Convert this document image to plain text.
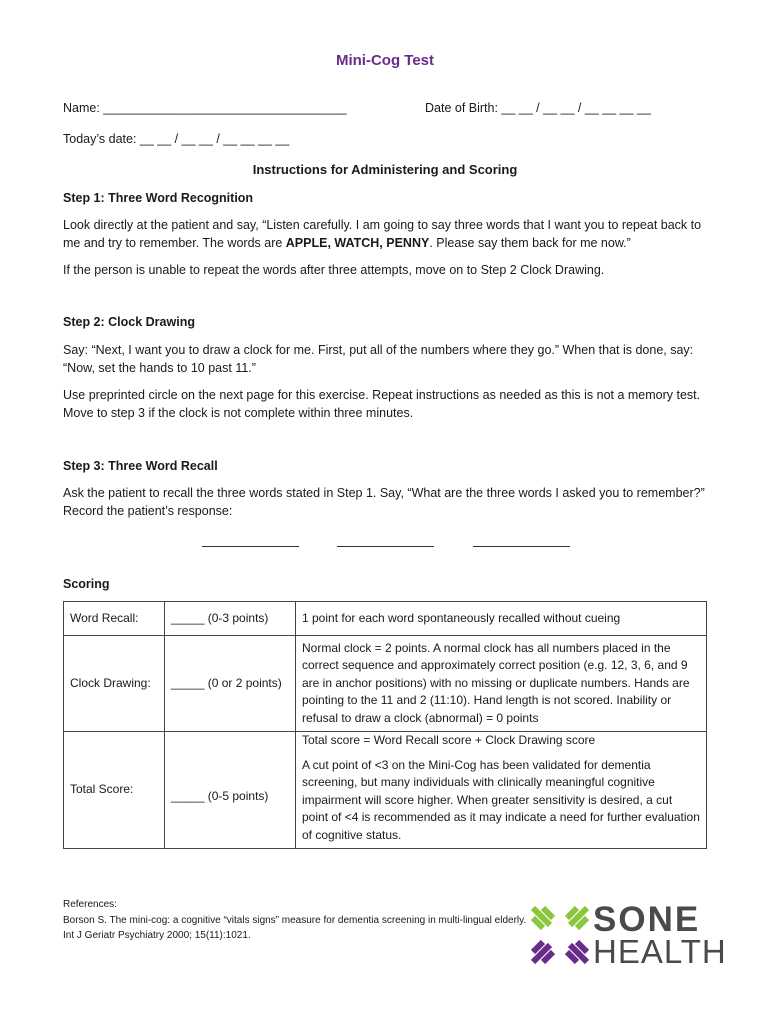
Mini-Cog Test
Name: ___________________________________	Date of Birth: __ __ / __ __ / __ __ __ __
Today’s date: __ __ / __ __ / __ __ __ __
Instructions for Administering and Scoring
Step 1: Three Word Recognition
Look directly at the patient and say, “Listen carefully. I am going to say three words that I want you to repeat back to me and try to remember. The words are APPLE, WATCH, PENNY. Please say them back for me now.”
If the person is unable to repeat the words after three attempts, move on to Step 2 Clock Drawing.
Step 2: Clock Drawing
Say: “Next, I want you to draw a clock for me. First, put all of the numbers where they go.” When that is done, say: “Now, set the hands to 10 past 11.”
Use preprinted circle on the next page for this exercise. Repeat instructions as needed as this is not a memory test. Move to step 3 if the clock is not complete within three minutes.
Step 3: Three Word Recall
Ask the patient to recall the three words stated in Step 1. Say, “What are the three words I asked you to remember?” Record the patient’s response:
Scoring
Word Recall:	_____ (0-3 points)	1 point for each word spontaneously recalled without cueing
Clock Drawing:	_____ (0 or 2 points)	Normal clock = 2 points. A normal clock has all numbers placed in the correct sequence and approximately correct position (e.g. 12, 3, 6, and 9 are in anchor positions) with no missing or duplicate numbers. Hands are pointing to the 11 and 2 (11:10). Hand length is not scored. Inability or refusal to draw a clock (abnormal) = 0 points
Total Score:	_____ (0-5 points)	Total score = Word Recall score + Clock Drawing score
A cut point of <3 on the Mini-Cog has been validated for dementia screening, but many individuals with clinically meaningful cognitive impairment will score higher. When greater sensitivity is desired, a cut point of <4 is recommended as it may indicate a need for further evaluation of cognitive status.
References:
Borson S. The mini-cog: a cognitive “vitals signs” measure for dementia screening in multi-lingual elderly. Int J Geriatr Psychiatry 2000; 15(11):1021.	SONE
HEALTH
